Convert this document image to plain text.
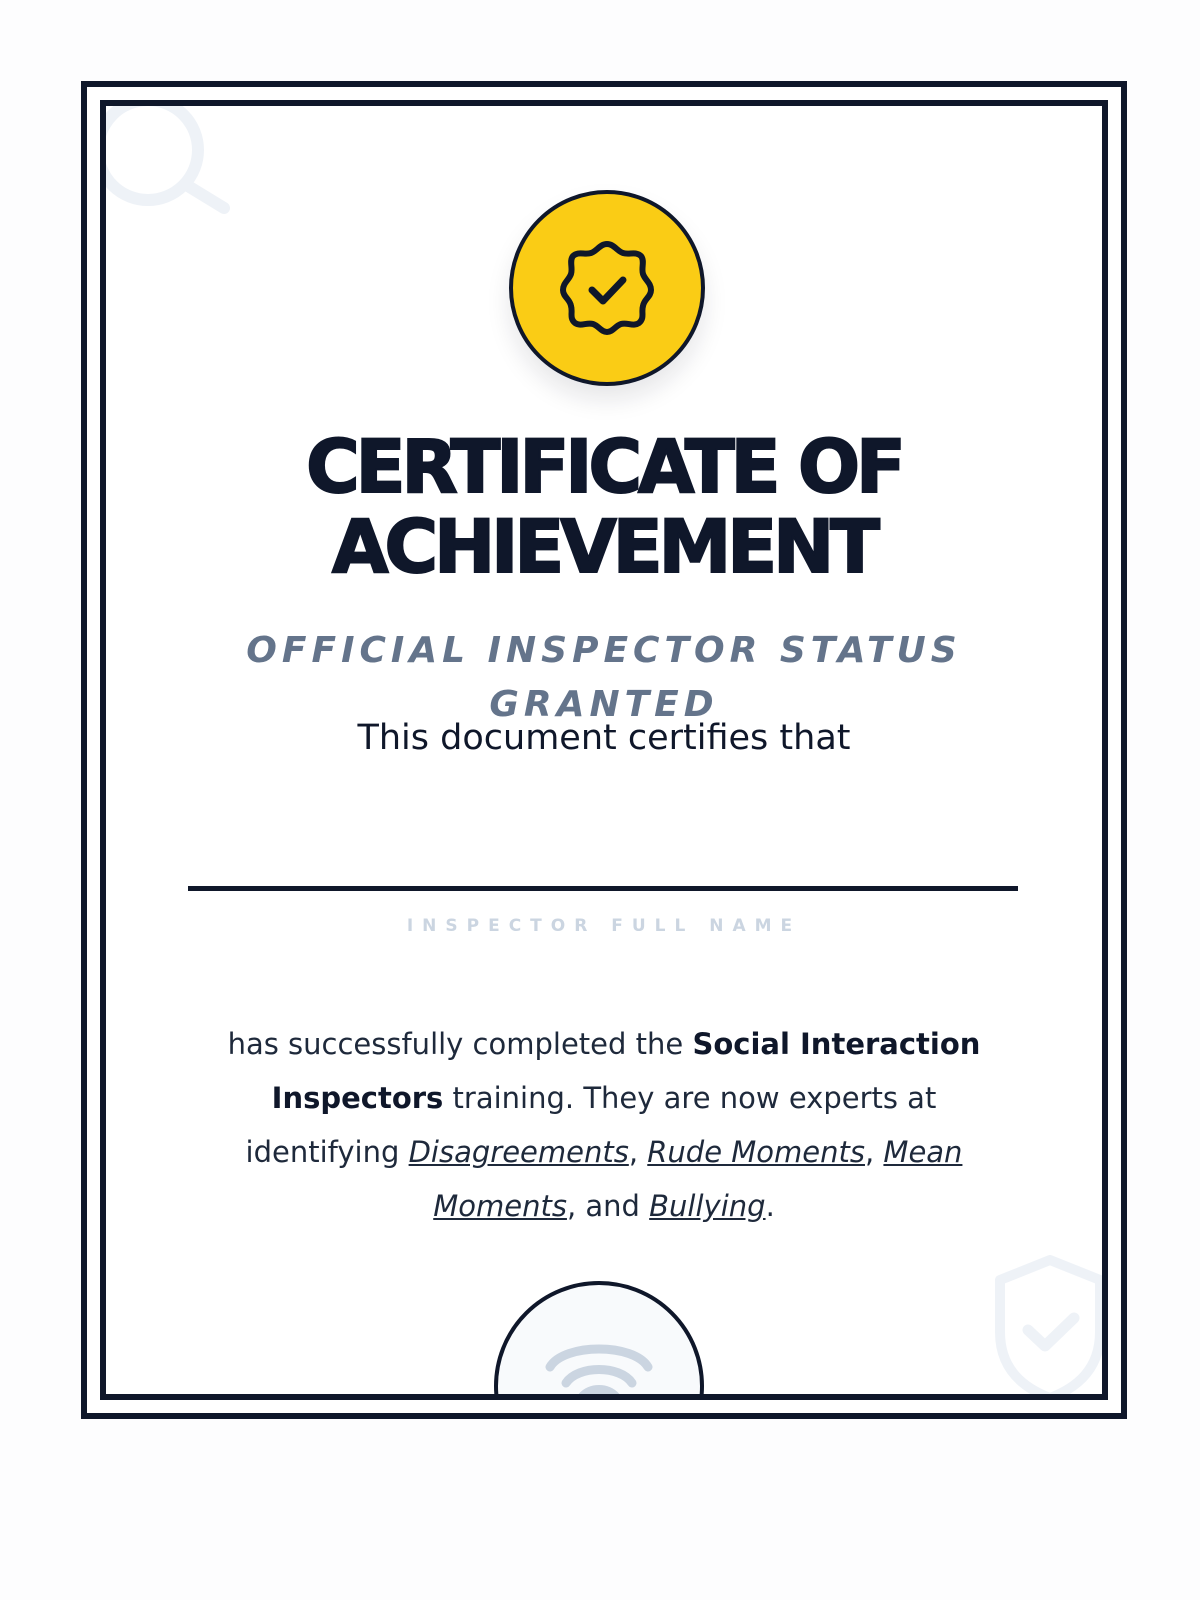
CERTIFICATE OF
ACHIEVEMENT
OFFICIAL INSPECTOR STATUS
GRANTED
This document certifies that
INSPECTOR FULL NAME

has successfully completed the Social Interaction Inspectors training. They are now experts at identifying Disagreements, Rude Moments, Mean Moments, and Bullying.
